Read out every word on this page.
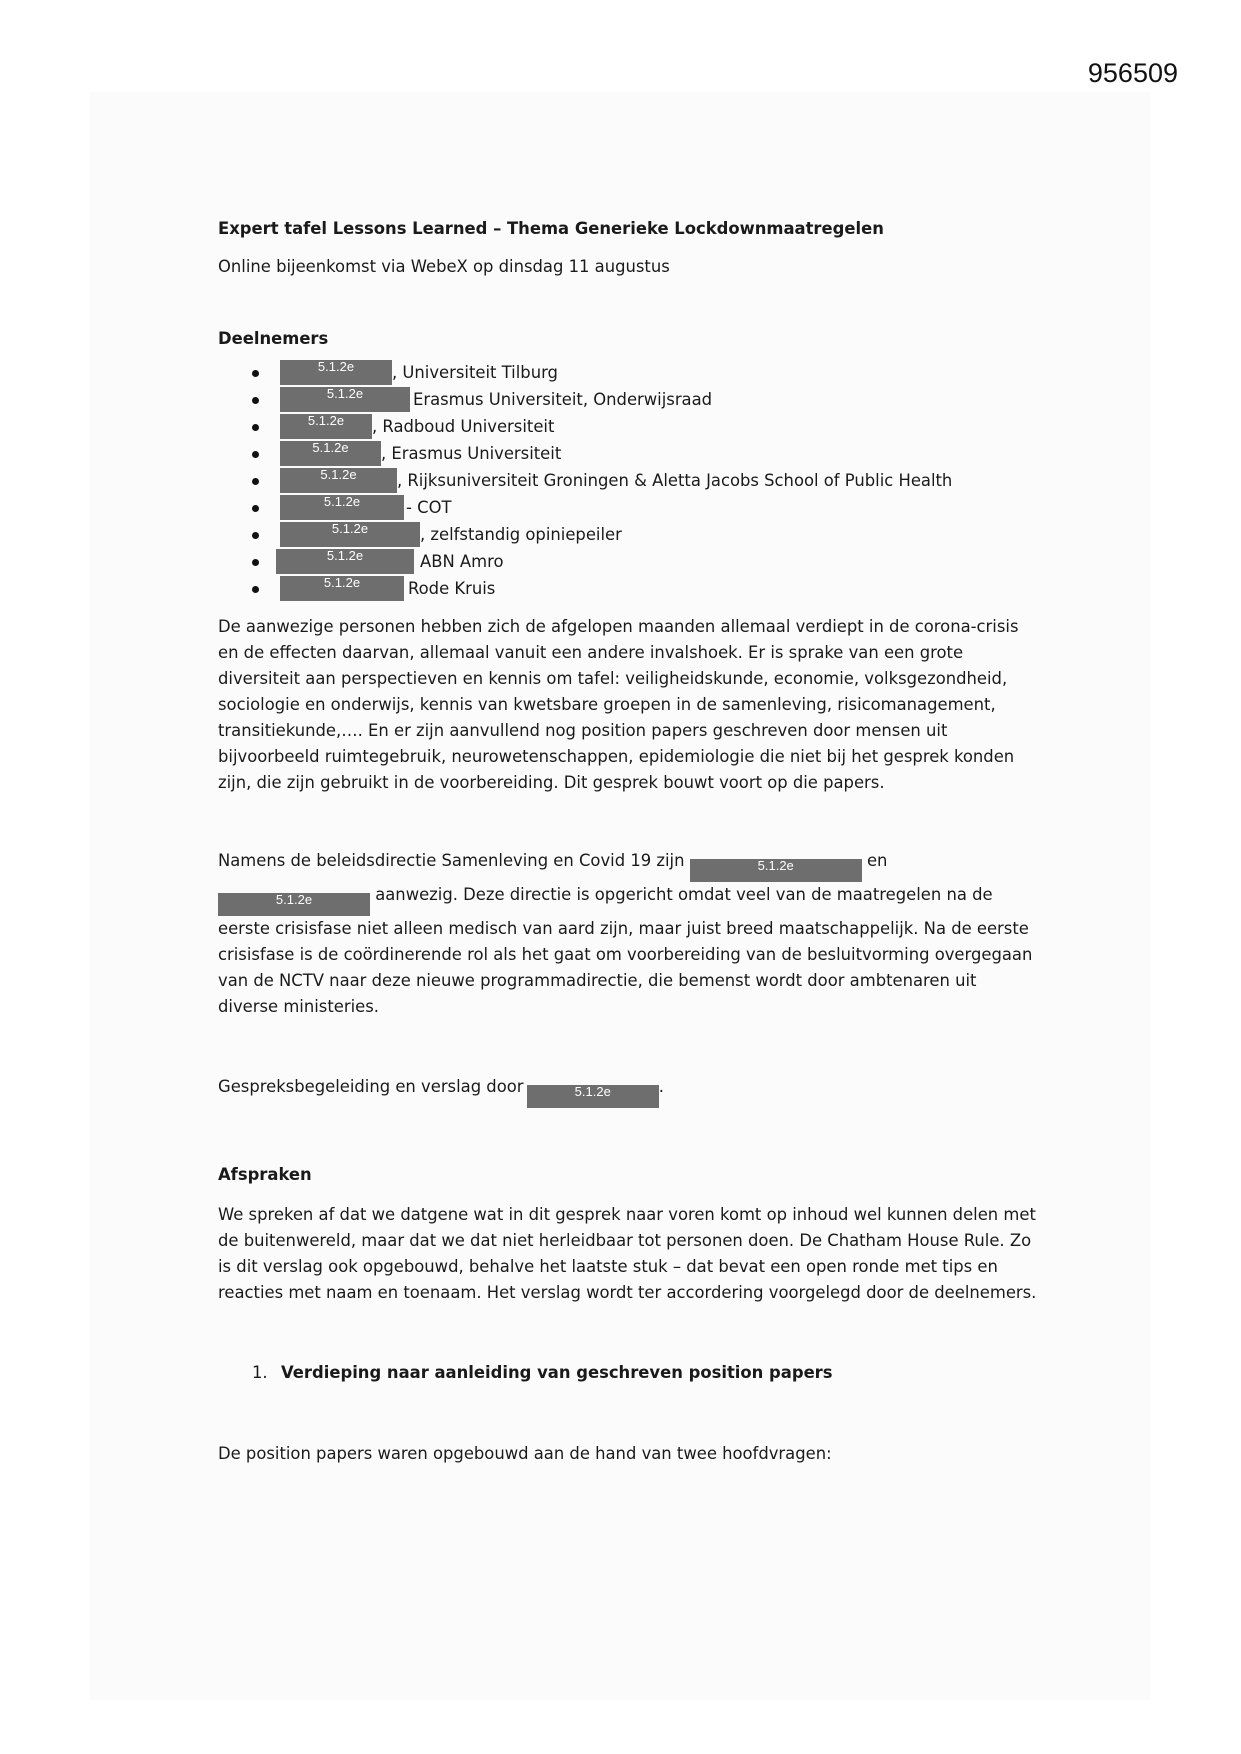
956509

Expert tafel Lessons Learned – Thema Generieke Lockdownmaatregelen

Online bijeenkomst via WebeX op dinsdag 11 augustus

Deelnemers

5.1.2e , Universiteit Tilburg
5.1.2e	Erasmus Universiteit, Onderwijsraad
5.1.2e , Radboud Universiteit
5.1.2e , Erasmus Universiteit
5.1.2e , Rijksuniversiteit Groningen & Aletta Jacobs School of Public Health
5.1.2e	- COT
5.1.2e	, zelfstandig opiniepeiler
5.1.2e	ABN Amro
5.1.2e	Rode Kruis

De aanwezige personen hebben zich de afgelopen maanden allemaal verdiept in de corona-crisis en de effecten daarvan, allemaal vanuit een andere invalshoek. Er is sprake van een grote diversiteit aan perspectieven en kennis om tafel: veiligheidskunde, economie, volksgezondheid, sociologie en onderwijs, kennis van kwetsbare groepen in de samenleving, risicomanagement, transitiekunde,…. En er zijn aanvullend nog position papers geschreven door mensen uit bijvoorbeeld ruimtegebruik, neurowetenschappen, epidemiologie die niet bij het gesprek konden zijn, die zijn gebruikt in de voorbereiding. Dit gesprek bouwt voort op die papers.

Namens de beleidsdirectie Samenleving en Covid 19 zijn	5.1.2e	en 5.1.2e	aanwezig. Deze directie is opgericht omdat veel van de maatregelen na de eerste crisisfase niet alleen medisch van aard zijn, maar juist breed maatschappelijk. Na de eerste crisisfase is de coördinerende rol als het gaat om voorbereiding van de besluitvorming overgegaan van de NCTV naar deze nieuwe programmadirectie, die bemenst wordt door ambtenaren uit diverse ministeries.

Gespreksbegeleiding en verslag door	5.1.2e	.

Afspraken

We spreken af dat we datgene wat in dit gesprek naar voren komt op inhoud wel kunnen delen met de buitenwereld, maar dat we dat niet herleidbaar tot personen doen. De Chatham House Rule. Zo is dit verslag ook opgebouwd, behalve het laatste stuk – dat bevat een open ronde met tips en reacties met naam en toenaam. Het verslag wordt ter accordering voorgelegd door de deelnemers.

1. Verdieping naar aanleiding van geschreven position papers

De position papers waren opgebouwd aan de hand van twee hoofdvragen:
